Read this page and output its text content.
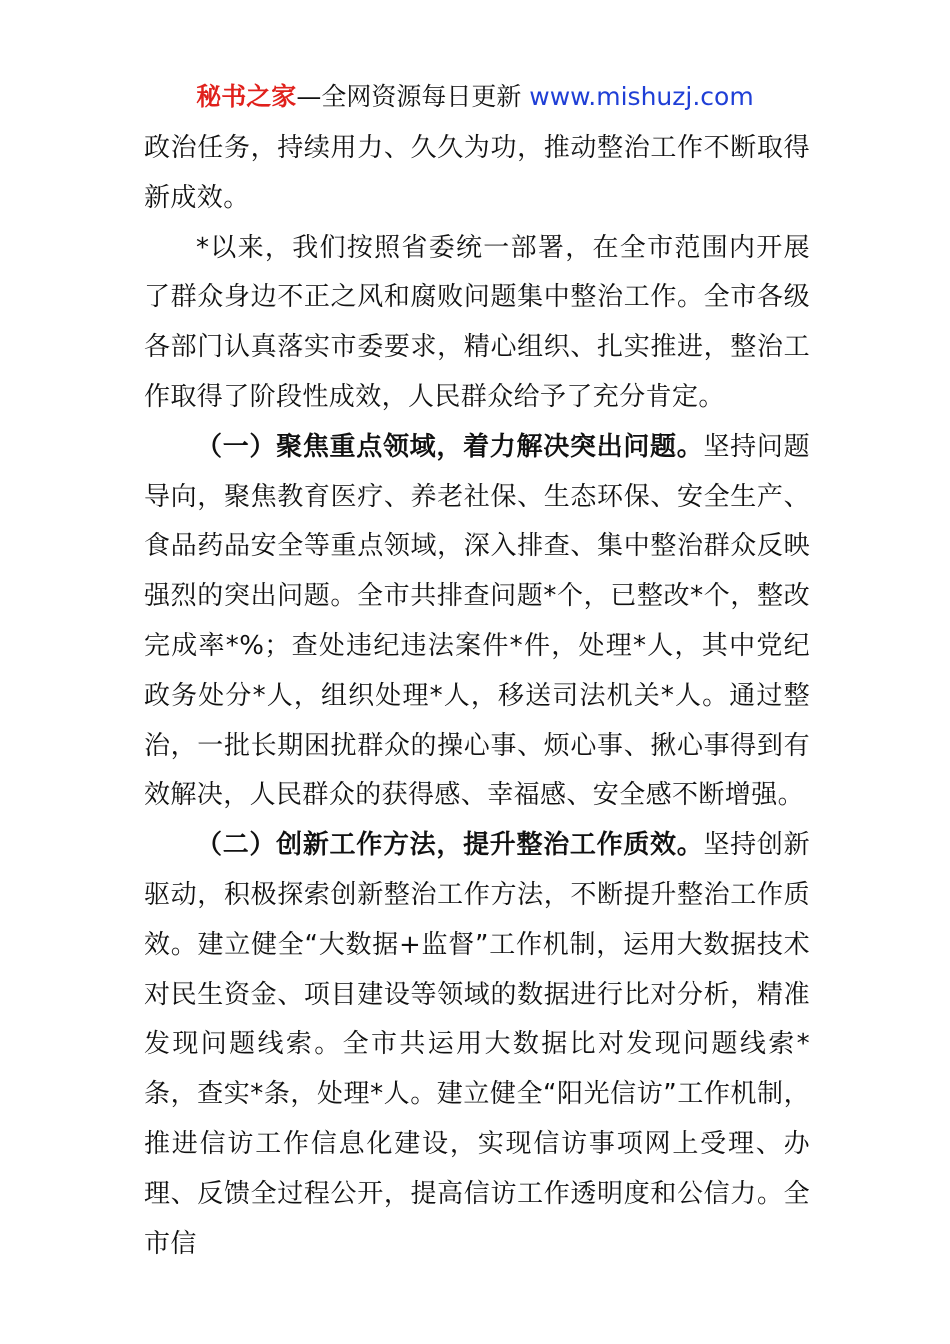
秘书之家—全网资源每日更新 www.mishuzj.com

政治任务，持续用力、久久为功，推动整治工作不断取得新成效。

*以来，我们按照省委统一部署，在全市范围内开展了群众身边不正之风和腐败问题集中整治工作。全市各级各部门认真落实市委要求，精心组织、扎实推进，整治工作取得了阶段性成效，人民群众给予了充分肯定。

（一）聚焦重点领域，着力解决突出问题。坚持问题导向，聚焦教育医疗、养老社保、生态环保、安全生产、食品药品安全等重点领域，深入排查、集中整治群众反映强烈的突出问题。全市共排查问题*个，已整改*个，整改完成率*%；查处违纪违法案件*件，处理*人，其中党纪政务处分*人，组织处理*人，移送司法机关*人。通过整治，一批长期困扰群众的操心事、烦心事、揪心事得到有效解决，人民群众的获得感、幸福感、安全感不断增强。

（二）创新工作方法，提升整治工作质效。坚持创新驱动，积极探索创新整治工作方法，不断提升整治工作质效。建立健全“大数据+监督”工作机制，运用大数据技术对民生资金、项目建设等领域的数据进行比对分析，精准发现问题线索。全市共运用大数据比对发现问题线索*条，查实*条，处理*人。建立健全“阳光信访”工作机制，推进信访工作信息化建设，实现信访事项网上受理、办理、反馈全过程公开，提高信访工作透明度和公信力。全市信
